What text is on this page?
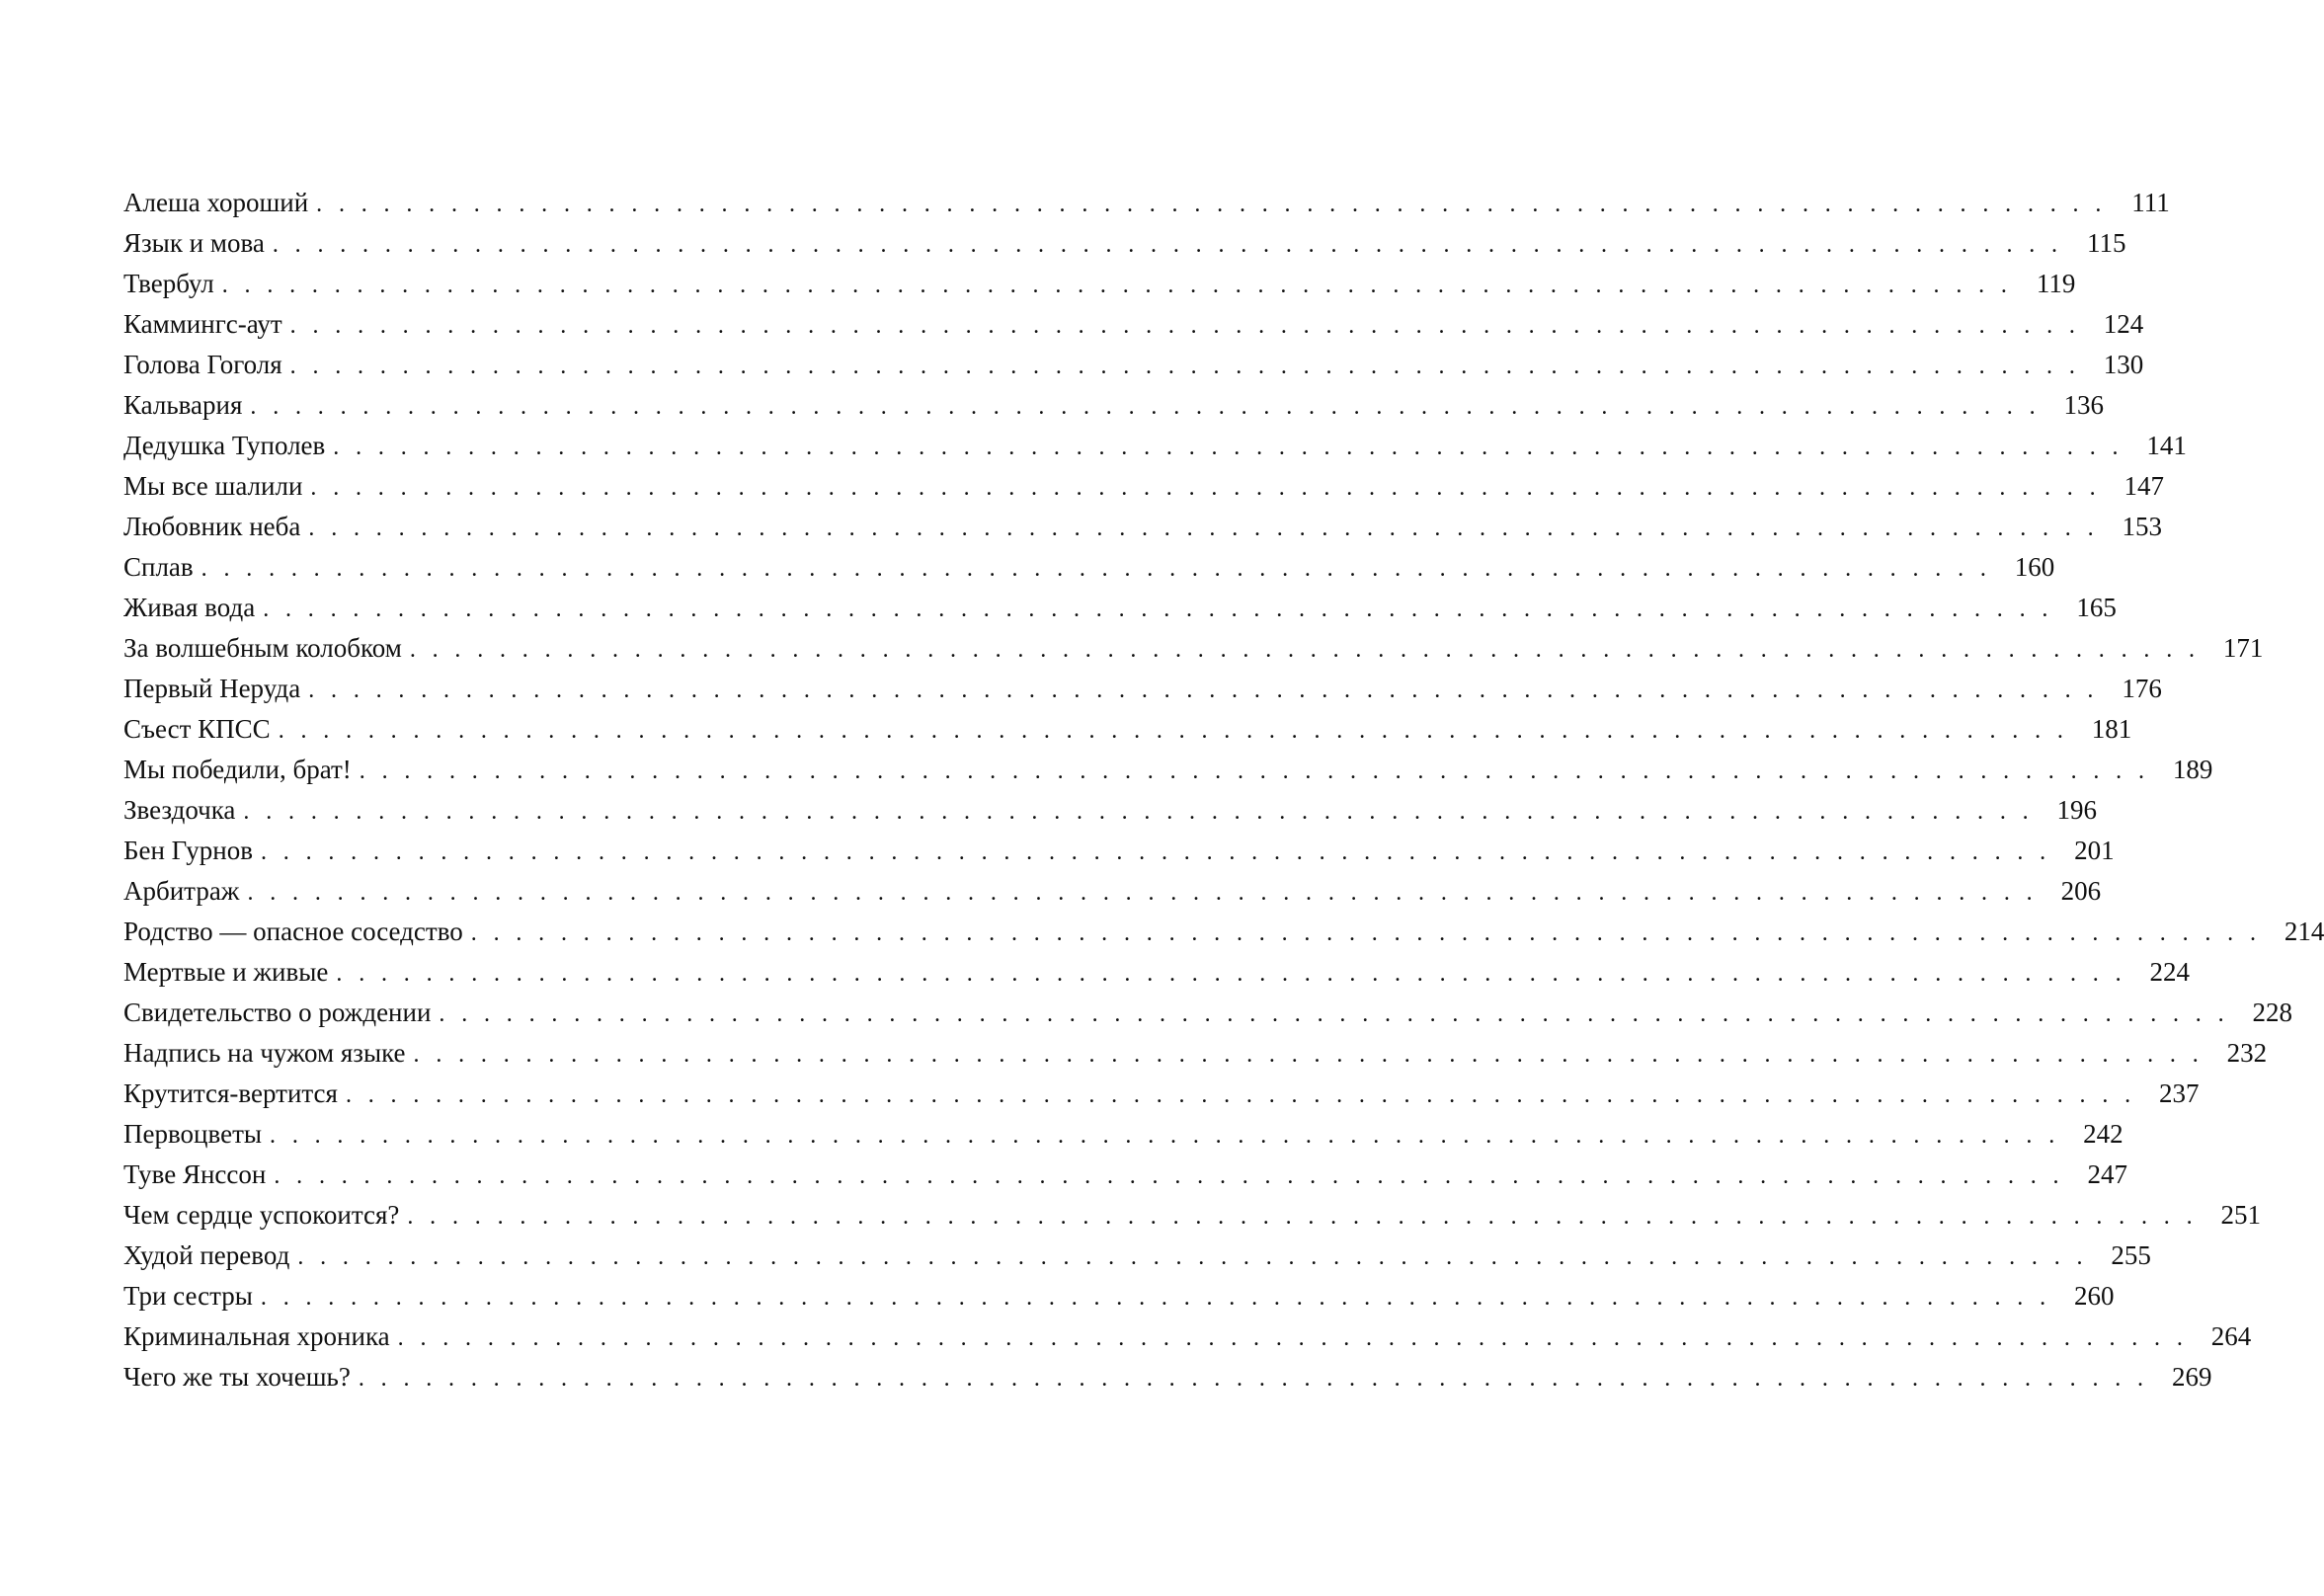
Алеша хороший . . . . . . . . . . . . . . . . . . . . . . . . . . . . . . . . . . . . . . . . . . . . . . . . . . . . . . . . . . . . . . . . . . . . . . . . . . . . . . . . 111
Язык и мова . . . . . . . . . . . . . . . . . . . . . . . . . . . . . . . . . . . . . . . . . . . . . . . . . . . . . . . . . . . . . . . . . . . . . . . . . . . . . . . . 115
Твербул . . . . . . . . . . . . . . . . . . . . . . . . . . . . . . . . . . . . . . . . . . . . . . . . . . . . . . . . . . . . . . . . . . . . . . . . . . . . . . . . 119
Каммингс-аут . . . . . . . . . . . . . . . . . . . . . . . . . . . . . . . . . . . . . . . . . . . . . . . . . . . . . . . . . . . . . . . . . . . . . . . . . . . . . . . . 124
Голова Гоголя . . . . . . . . . . . . . . . . . . . . . . . . . . . . . . . . . . . . . . . . . . . . . . . . . . . . . . . . . . . . . . . . . . . . . . . . . . . . . . . . 130
Кальвария . . . . . . . . . . . . . . . . . . . . . . . . . . . . . . . . . . . . . . . . . . . . . . . . . . . . . . . . . . . . . . . . . . . . . . . . . . . . . . . . 136
Дедушка Туполев . . . . . . . . . . . . . . . . . . . . . . . . . . . . . . . . . . . . . . . . . . . . . . . . . . . . . . . . . . . . . . . . . . . . . . . . . . . . . . . . 141
Мы все шалили . . . . . . . . . . . . . . . . . . . . . . . . . . . . . . . . . . . . . . . . . . . . . . . . . . . . . . . . . . . . . . . . . . . . . . . . . . . . . . . . 147
Любовник неба . . . . . . . . . . . . . . . . . . . . . . . . . . . . . . . . . . . . . . . . . . . . . . . . . . . . . . . . . . . . . . . . . . . . . . . . . . . . . . . . 153
Сплав . . . . . . . . . . . . . . . . . . . . . . . . . . . . . . . . . . . . . . . . . . . . . . . . . . . . . . . . . . . . . . . . . . . . . . . . . . . . . . . . 160
Живая вода . . . . . . . . . . . . . . . . . . . . . . . . . . . . . . . . . . . . . . . . . . . . . . . . . . . . . . . . . . . . . . . . . . . . . . . . . . . . . . . . 165
За волшебным колобком . . . . . . . . . . . . . . . . . . . . . . . . . . . . . . . . . . . . . . . . . . . . . . . . . . . . . . . . . . . . . . . . . . . . . . . . . . . . . . . . 171
Первый Неруда . . . . . . . . . . . . . . . . . . . . . . . . . . . . . . . . . . . . . . . . . . . . . . . . . . . . . . . . . . . . . . . . . . . . . . . . . . . . . . . . 176
Съест КПСС . . . . . . . . . . . . . . . . . . . . . . . . . . . . . . . . . . . . . . . . . . . . . . . . . . . . . . . . . . . . . . . . . . . . . . . . . . . . . . . . 181
Мы победили, брат! . . . . . . . . . . . . . . . . . . . . . . . . . . . . . . . . . . . . . . . . . . . . . . . . . . . . . . . . . . . . . . . . . . . . . . . . . . . . . . . . 189
Звездочка . . . . . . . . . . . . . . . . . . . . . . . . . . . . . . . . . . . . . . . . . . . . . . . . . . . . . . . . . . . . . . . . . . . . . . . . . . . . . . . . 196
Бен Гурнов . . . . . . . . . . . . . . . . . . . . . . . . . . . . . . . . . . . . . . . . . . . . . . . . . . . . . . . . . . . . . . . . . . . . . . . . . . . . . . . . 201
Арбитраж . . . . . . . . . . . . . . . . . . . . . . . . . . . . . . . . . . . . . . . . . . . . . . . . . . . . . . . . . . . . . . . . . . . . . . . . . . . . . . . . 206
Родство — опасное соседство . . . . . . . . . . . . . . . . . . . . . . . . . . . . . . . . . . . . . . . . . . . . . . . . . . . . . . . . . . . . . . . . . . . . . . . . . . . . . . . . 214
Мертвые и живые . . . . . . . . . . . . . . . . . . . . . . . . . . . . . . . . . . . . . . . . . . . . . . . . . . . . . . . . . . . . . . . . . . . . . . . . . . . . . . . . 224
Свидетельство о рождении . . . . . . . . . . . . . . . . . . . . . . . . . . . . . . . . . . . . . . . . . . . . . . . . . . . . . . . . . . . . . . . . . . . . . . . . . . . . . . . . 228
Надпись на чужом языке . . . . . . . . . . . . . . . . . . . . . . . . . . . . . . . . . . . . . . . . . . . . . . . . . . . . . . . . . . . . . . . . . . . . . . . . . . . . . . . . 232
Крутится-вертится . . . . . . . . . . . . . . . . . . . . . . . . . . . . . . . . . . . . . . . . . . . . . . . . . . . . . . . . . . . . . . . . . . . . . . . . . . . . . . . . 237
Первоцветы . . . . . . . . . . . . . . . . . . . . . . . . . . . . . . . . . . . . . . . . . . . . . . . . . . . . . . . . . . . . . . . . . . . . . . . . . . . . . . . . 242
Туве Янссон . . . . . . . . . . . . . . . . . . . . . . . . . . . . . . . . . . . . . . . . . . . . . . . . . . . . . . . . . . . . . . . . . . . . . . . . . . . . . . . . 247
Чем сердце успокоится? . . . . . . . . . . . . . . . . . . . . . . . . . . . . . . . . . . . . . . . . . . . . . . . . . . . . . . . . . . . . . . . . . . . . . . . . . . . . . . . . 251
Худой перевод . . . . . . . . . . . . . . . . . . . . . . . . . . . . . . . . . . . . . . . . . . . . . . . . . . . . . . . . . . . . . . . . . . . . . . . . . . . . . . . . 255
Три сестры . . . . . . . . . . . . . . . . . . . . . . . . . . . . . . . . . . . . . . . . . . . . . . . . . . . . . . . . . . . . . . . . . . . . . . . . . . . . . . . . 260
Криминальная хроника . . . . . . . . . . . . . . . . . . . . . . . . . . . . . . . . . . . . . . . . . . . . . . . . . . . . . . . . . . . . . . . . . . . . . . . . . . . . . . . . 264
Чего же ты хочешь? . . . . . . . . . . . . . . . . . . . . . . . . . . . . . . . . . . . . . . . . . . . . . . . . . . . . . . . . . . . . . . . . . . . . . . . . . . . . . . . . 269
